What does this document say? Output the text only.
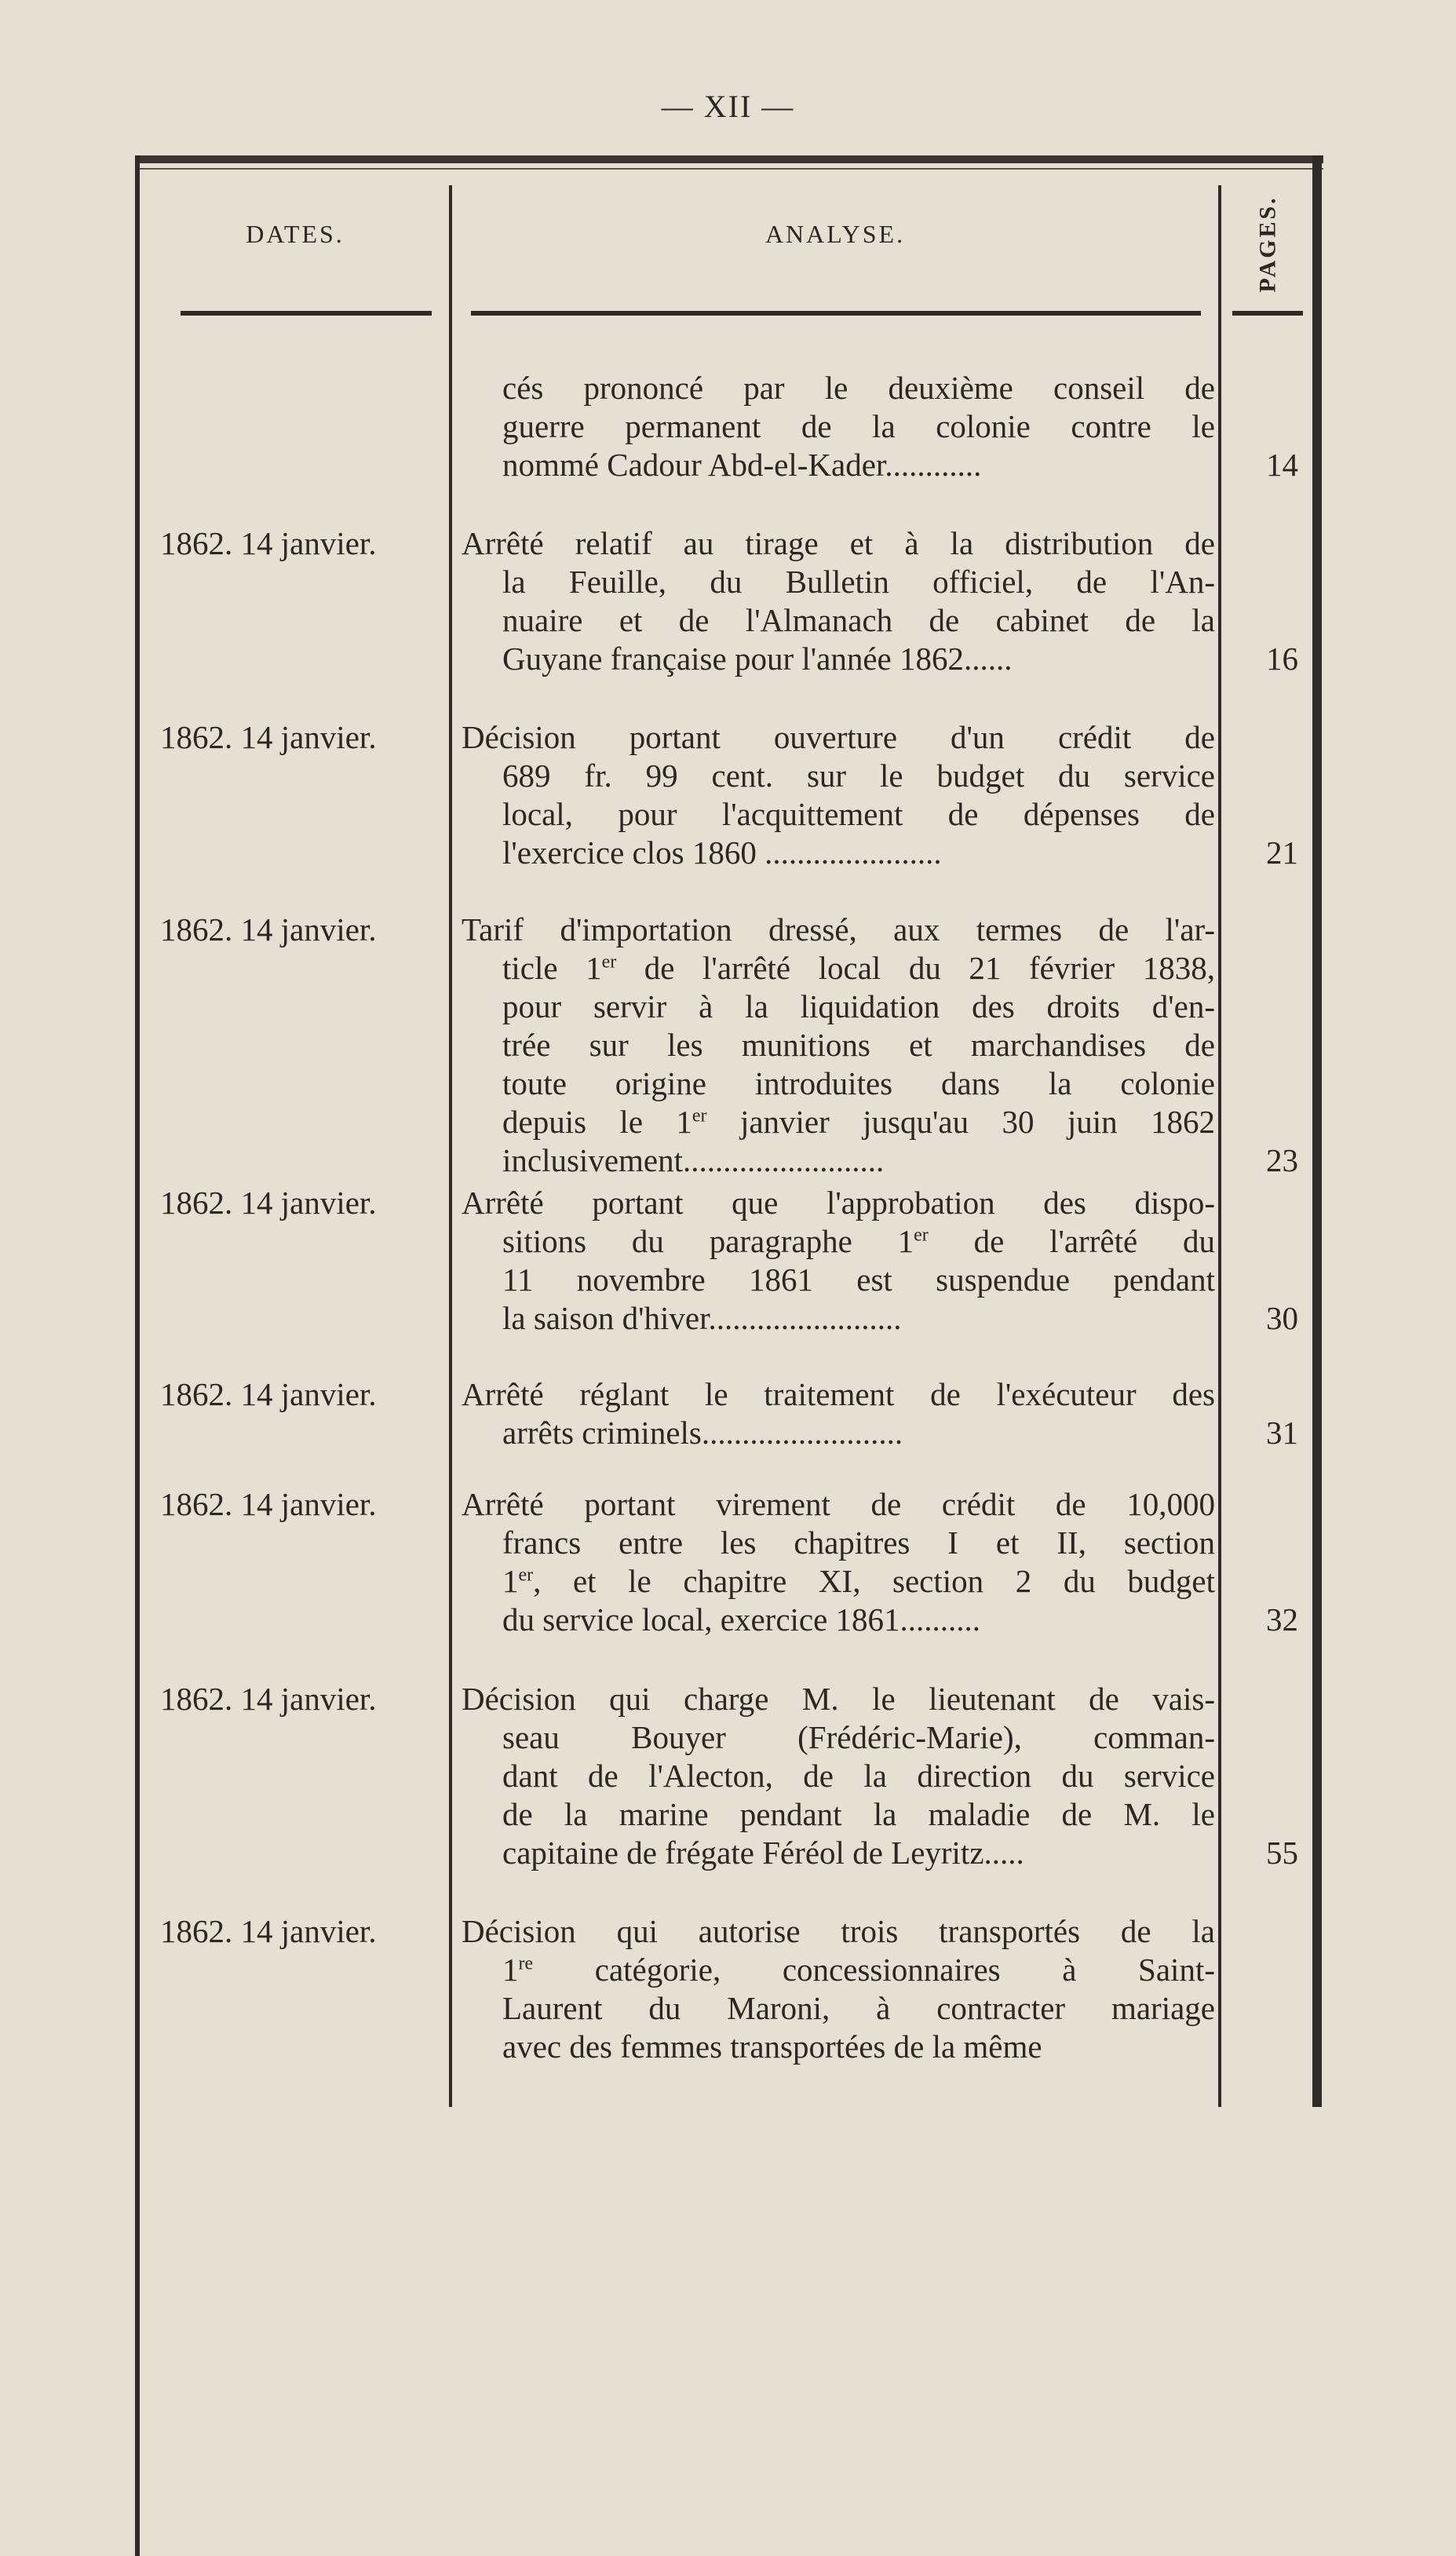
— XII —
DATES.	ANALYSE.	PAGES.
cés prononcé par le deuxième conseil de
guerre permanent de la colonie contre le
nommé Cadour Abd-el-Kader............	14
1862. 14 janvier.	Arrêté relatif au tirage et à la distribution de
la Feuille, du Bulletin officiel, de l'An-
nuaire et de l'Almanach de cabinet de la
Guyane française pour l'année 1862......	16
1862. 14 janvier.	Décision portant ouverture d'un crédit de
689 fr. 99 cent. sur le budget du service
local, pour l'acquittement de dépenses de
l'exercice clos 1860 ......................	21
1862. 14 janvier.	Tarif d'importation dressé, aux termes de l'ar-
ticle 1er de l'arrêté local du 21 février 1838,
pour servir à la liquidation des droits d'en-
trée sur les munitions et marchandises de
toute origine introduites dans la colonie
depuis le 1er janvier jusqu'au 30 juin 1862
inclusivement.........................	23
1862. 14 janvier.	Arrêté portant que l'approbation des dispo-
sitions du paragraphe 1er de l'arrêté du
11 novembre 1861 est suspendue pendant
la saison d'hiver........................	30
1862. 14 janvier.	Arrêté réglant le traitement de l'exécuteur des
arrêts criminels.........................	31
1862. 14 janvier.	Arrêté portant virement de crédit de 10,000
francs entre les chapitres I et II, section
1er, et le chapitre XI, section 2 du budget
du service local, exercice 1861..........	32
1862. 14 janvier.	Décision qui charge M. le lieutenant de vais-
seau Bouyer (Frédéric-Marie), comman-
dant de l'Alecton, de la direction du service
de la marine pendant la maladie de M. le
capitaine de frégate Féréol de Leyritz.....	55
1862. 14 janvier.	Décision qui autorise trois transportés de la
1re catégorie, concessionnaires à Saint-
Laurent du Maroni, à contracter mariage
avec des femmes transportées de la même
